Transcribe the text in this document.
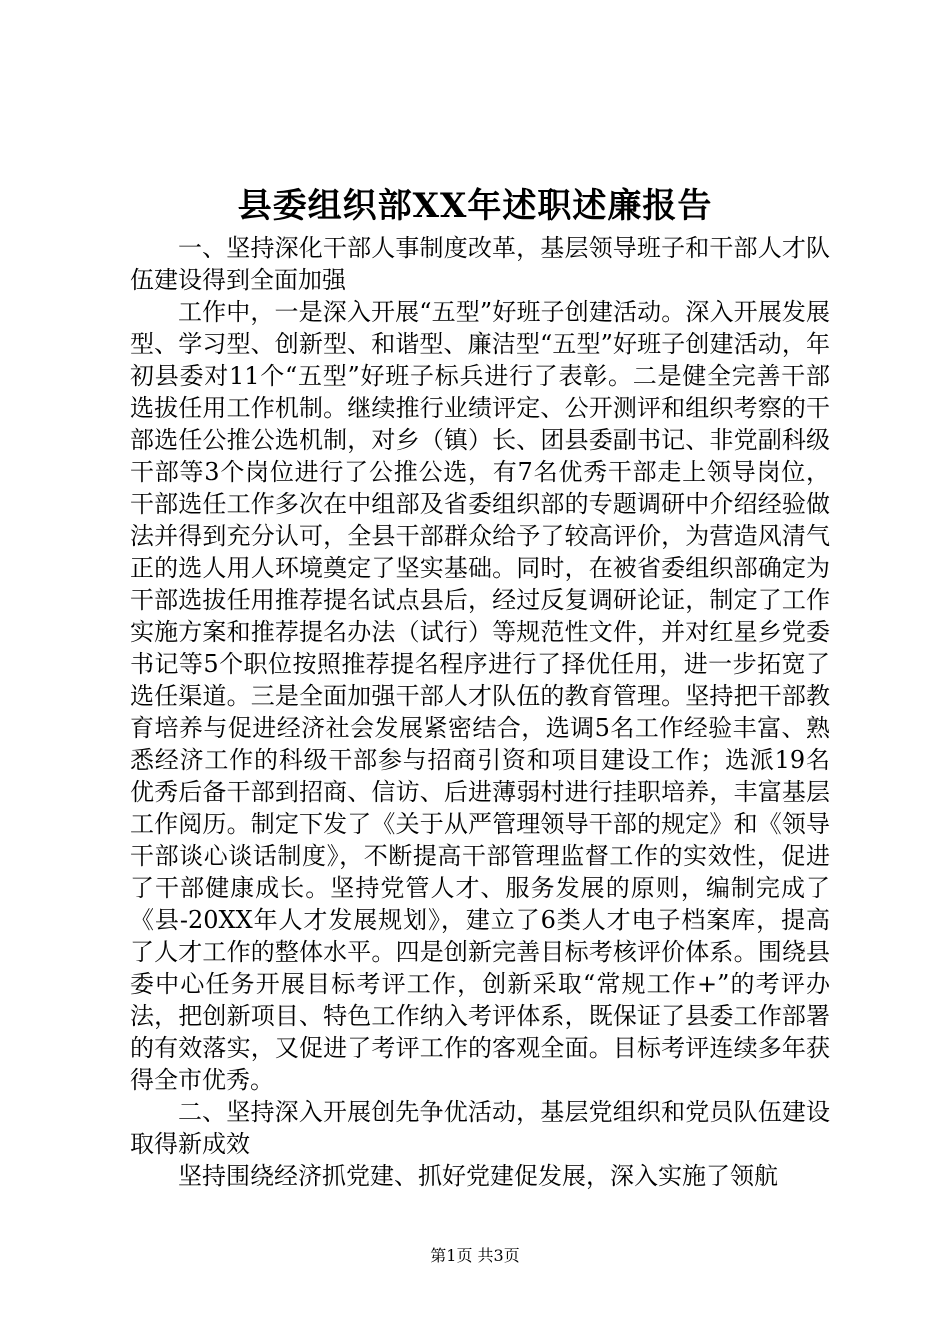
县委组织部XX年述职述廉报告

一、坚持深化干部人事制度改革，基层领导班子和干部人才队伍建设得到全面加强

工作中，一是深入开展“五型”好班子创建活动。深入开展发展型、学习型、创新型、和谐型、廉洁型“五型”好班子创建活动，年初县委对11个“五型”好班子标兵进行了表彰。二是健全完善干部选拔任用工作机制。继续推行业绩评定、公开测评和组织考察的干部选任公推公选机制，对乡（镇）长、团县委副书记、非党副科级干部等3个岗位进行了公推公选，有7名优秀干部走上领导岗位，干部选任工作多次在中组部及省委组织部的专题调研中介绍经验做法并得到充分认可，全县干部群众给予了较高评价，为营造风清气正的选人用人环境奠定了坚实基础。同时，在被省委组织部确定为干部选拔任用推荐提名试点县后，经过反复调研论证，制定了工作实施方案和推荐提名办法（试行）等规范性文件，并对红星乡党委书记等5个职位按照推荐提名程序进行了择优任用，进一步拓宽了选任渠道。三是全面加强干部人才队伍的教育管理。坚持把干部教育培养与促进经济社会发展紧密结合，选调5名工作经验丰富、熟悉经济工作的科级干部参与招商引资和项目建设工作；选派19名优秀后备干部到招商、信访、后进薄弱村进行挂职培养，丰富基层工作阅历。制定下发了《关于从严管理领导干部的规定》和《领导干部谈心谈话制度》，不断提高干部管理监督工作的实效性，促进了干部健康成长。坚持党管人才、服务发展的原则，编制完成了《县-20XX年人才发展规划》，建立了6类人才电子档案库，提高了人才工作的整体水平。四是创新完善目标考核评价体系。围绕县委中心任务开展目标考评工作，创新采取“常规工作+”的考评办法，把创新项目、特色工作纳入考评体系，既保证了县委工作部署的有效落实，又促进了考评工作的客观全面。目标考评连续多年获得全市优秀。

二、坚持深入开展创先争优活动，基层党组织和党员队伍建设取得新成效

坚持围绕经济抓党建、抓好党建促发展，深入实施了领航

第1页 共3页
